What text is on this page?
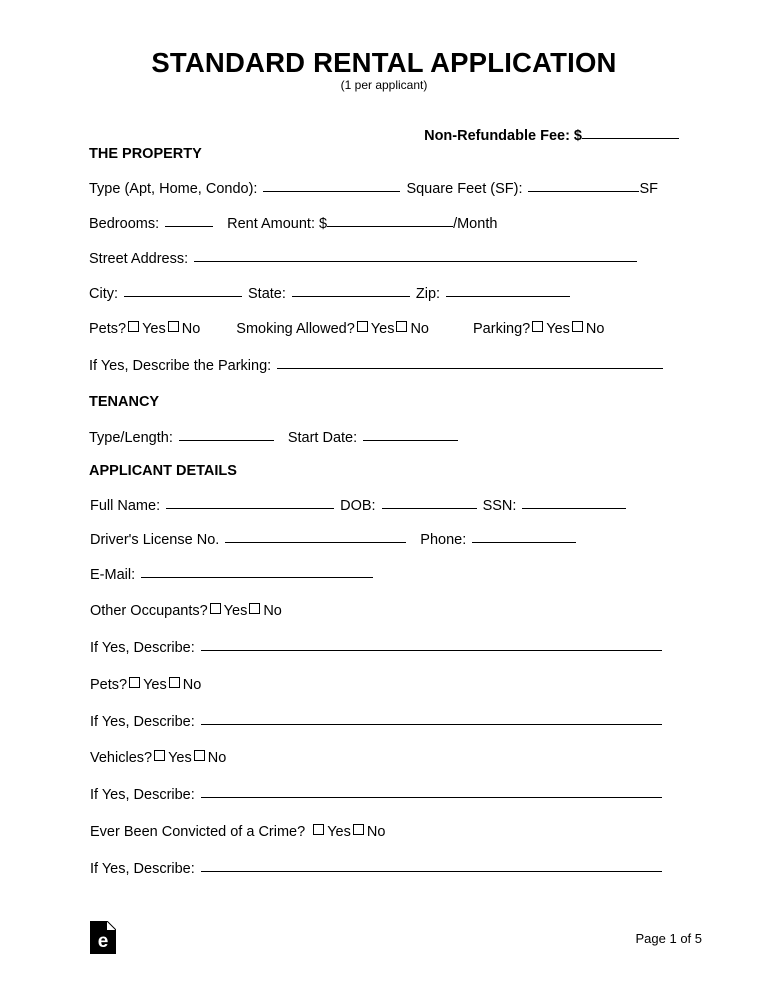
STANDARD RENTAL APPLICATION
(1 per applicant)
Non-Refundable Fee: $
THE PROPERTY
Type (Apt, Home, Condo):	Square Feet (SF):	SF
Bedrooms:	Rent Amount: $	/Month
Street Address:
City:	State:	Zip:
Pets? Yes No Smoking Allowed? Yes No	Parking? Yes No
If Yes, Describe the Parking:
TENANCY
Type/Length:	Start Date:
APPLICANT DETAILS
Full Name:	DOB:	SSN:
Driver's License No.	Phone:
E-Mail:
Other Occupants? Yes No
If Yes, Describe:
Pets? Yes No
If Yes, Describe:
Vehicles? Yes No
If Yes, Describe:
Ever Been Convicted of a Crime? Yes No
If Yes, Describe:
e	Page 1 of 5
